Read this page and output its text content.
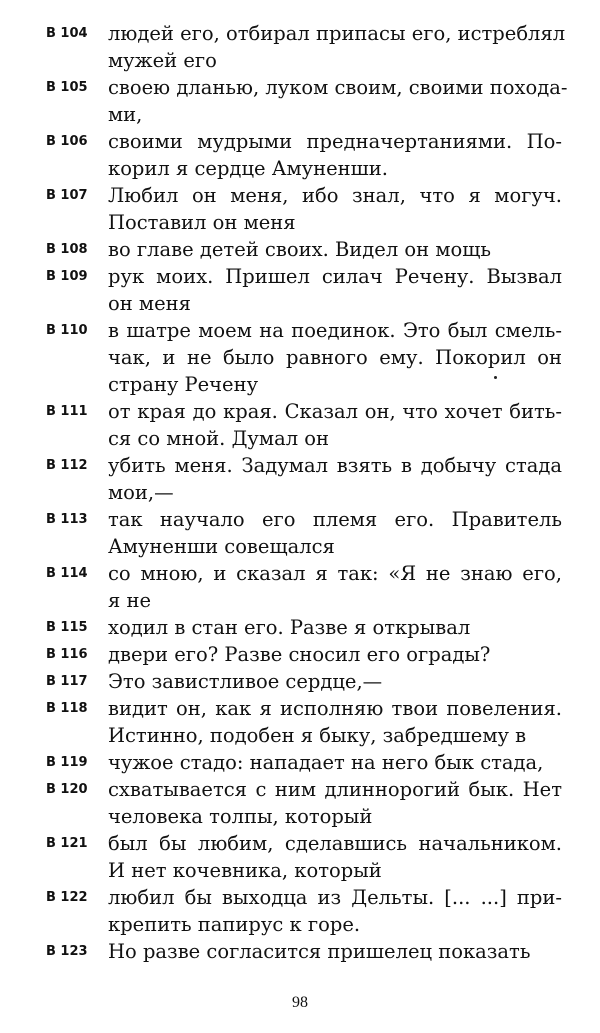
98
В 104	людей его, отбирал припасы его, истреблял
мужей его
В 105	своею дланью, луком своим, своими похода-
ми,
В 106	своими мудрыми предначертаниями. По-
корил я сердце Амуненши.
В 107	Любил он меня, ибо знал, что я могуч.
Поставил он меня
В 108	во главе детей своих. Видел он мощь
В 109	рук моих. Пришел силач Речену. Вызвал
он меня
В 110	в шатре моем на поединок. Это был смель-
чак, и не было равного ему. Покорил он
страну Речену
В 111	от края до края. Сказал он, что хочет бить-
ся со мной. Думал он
В 112	убить меня. Задумал взять в добычу стада
мои,—
В 113	так научало его племя его. Правитель
Амуненши совещался
В 114	со мною, и сказал я так: «Я не знаю его,
я не
В 115	ходил в стан его. Разве я открывал
В 116	двери его? Разве сносил его ограды?
В 117	Это завистливое сердце,—
В 118	видит он, как я исполняю твои повеления.
Истинно, подобен я быку, забредшему в
В 119	чужое стадо: нападает на него бык стада,
В 120	схватывается с ним длиннорогий бык. Нет
человека толпы, который
В 121	был бы любим, сделавшись начальником.
И нет кочевника, который
В 122	любил бы выходца из Дельты. [... ...] при-
крепить папирус к горе.
В 123	Но разве согласится пришелец показать
